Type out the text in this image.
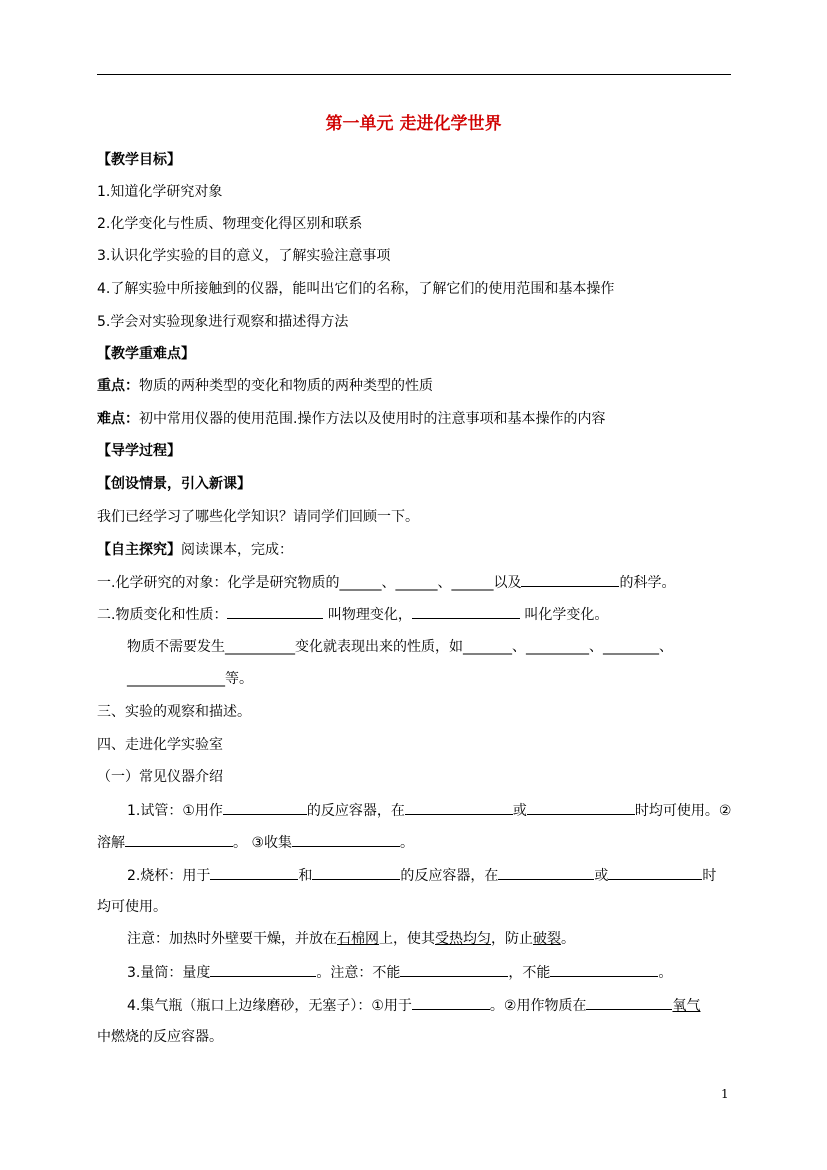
第一单元 走进化学世界
【教学目标】
1.知道化学研究对象
2.化学变化与性质、物理变化得区别和联系
3.认识化学实验的目的意义，了解实验注意事项
4.了解实验中所接触到的仪器，能叫出它们的名称，了解它们的使用范围和基本操作
5.学会对实验现象进行观察和描述得方法
【教学重难点】
重点：物质的两种类型的变化和物质的两种类型的性质
难点：初中常用仪器的使用范围.操作方法以及使用时的注意事项和基本操作的内容
【导学过程】
【创设情景，引入新课】
我们已经学习了哪些化学知识？请同学们回顾一下。
【自主探究】阅读课本，完成：
一.化学研究的对象：化学是研究物质的______、______、______以及	的科学。
二.物质变化和性质：	叫物理变化，	叫化学变化。
物质不需要发生__________变化就表现出来的性质，如_______、_________、________、
______________等。
三、实验的观察和描述。
四、走进化学实验室
（一）常见仪器介绍
1.试管：①用作	的反应容器，在	或	时均可使用。②
溶解	。 ③收集	。
2.烧杯：用于	和	的反应容器，在	或	时
均可使用。
注意：加热时外壁要干燥，并放在石棉网上，使其受热均匀，防止破裂。
3.量筒：量度	。注意：不能	，不能	。
4.集气瓶（瓶口上边缘磨砂，无塞子）：①用于	。②用作物质在	氧气
中燃烧的反应容器。
1
